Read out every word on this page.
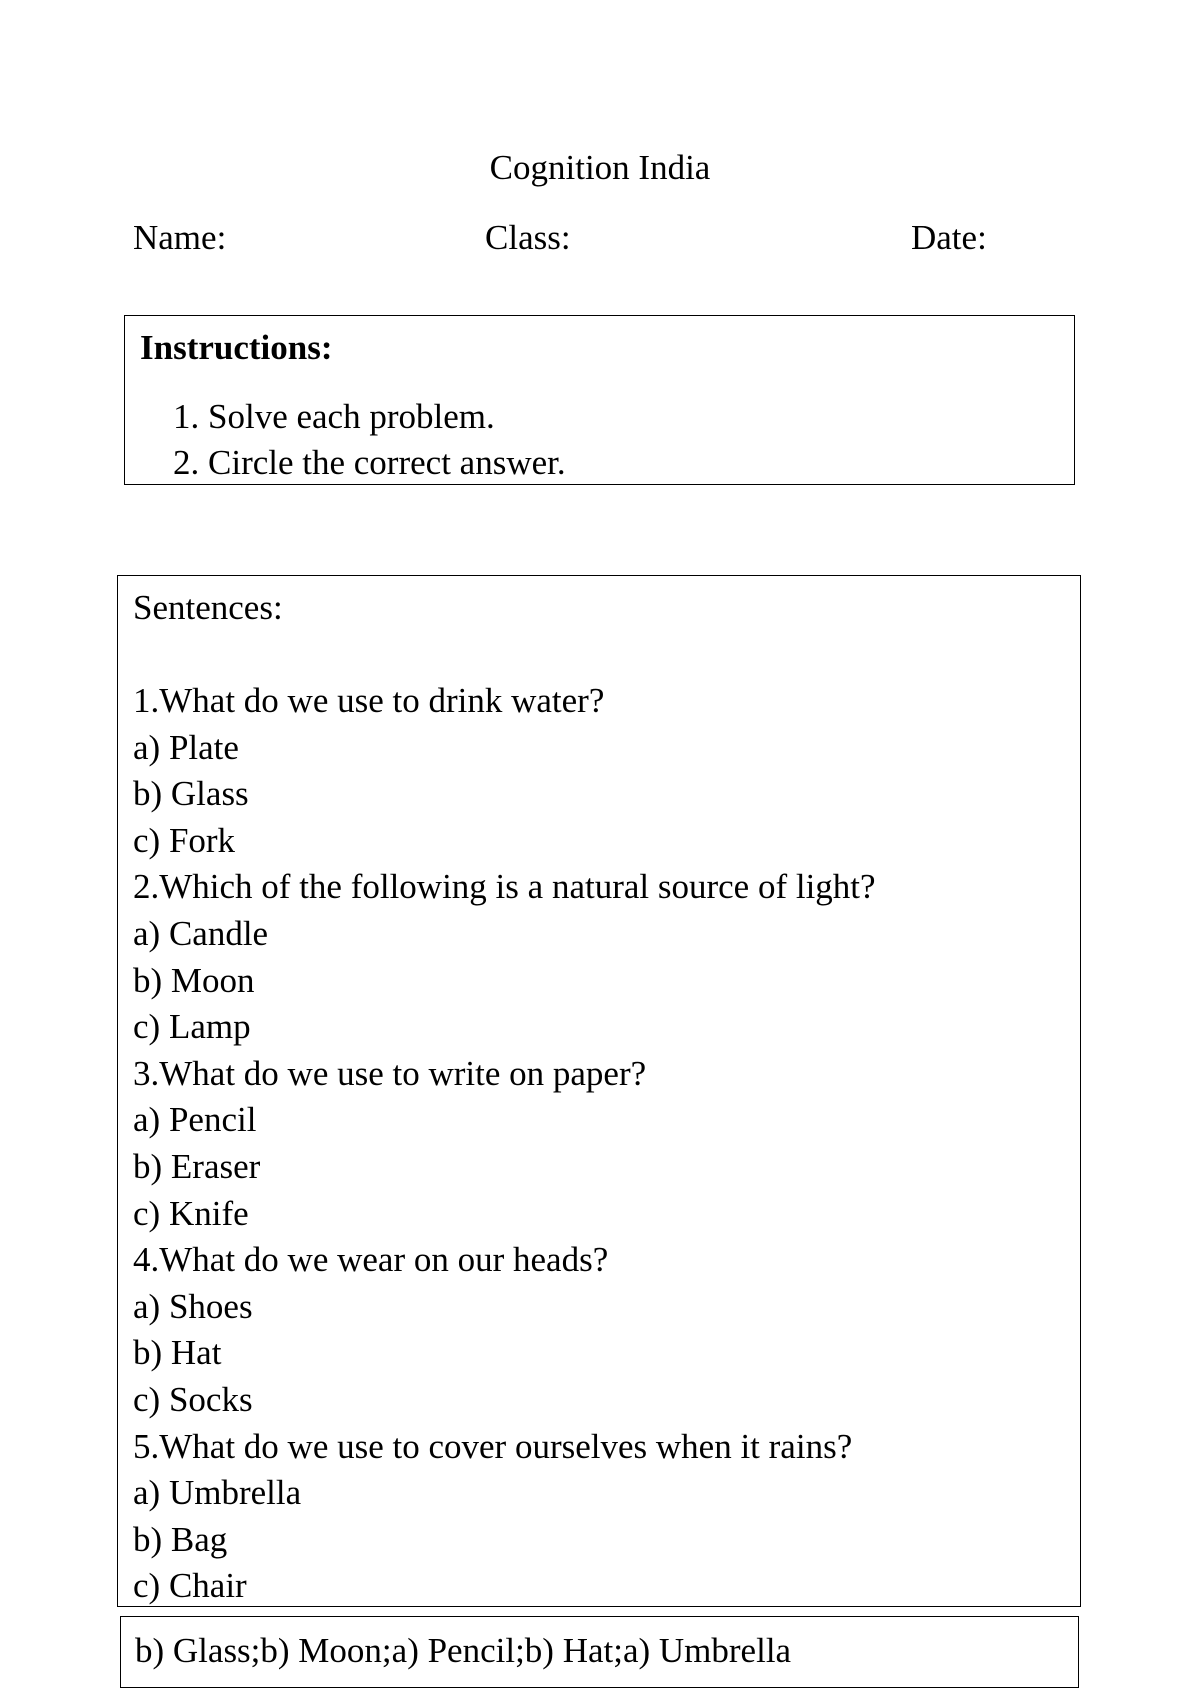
Cognition India
Name:	Class:	Date:
Instructions:
1. Solve each problem.
2. Circle the correct answer.
Sentences:
1.What do we use to drink water?
a) Plate
b) Glass
c) Fork
2.Which of the following is a natural source of light?
a) Candle
b) Moon
c) Lamp
3.What do we use to write on paper?
a) Pencil
b) Eraser
c) Knife
4.What do we wear on our heads?
a) Shoes
b) Hat
c) Socks
5.What do we use to cover ourselves when it rains?
a) Umbrella
b) Bag
c) Chair
b) Glass;b) Moon;a) Pencil;b) Hat;a) Umbrella
